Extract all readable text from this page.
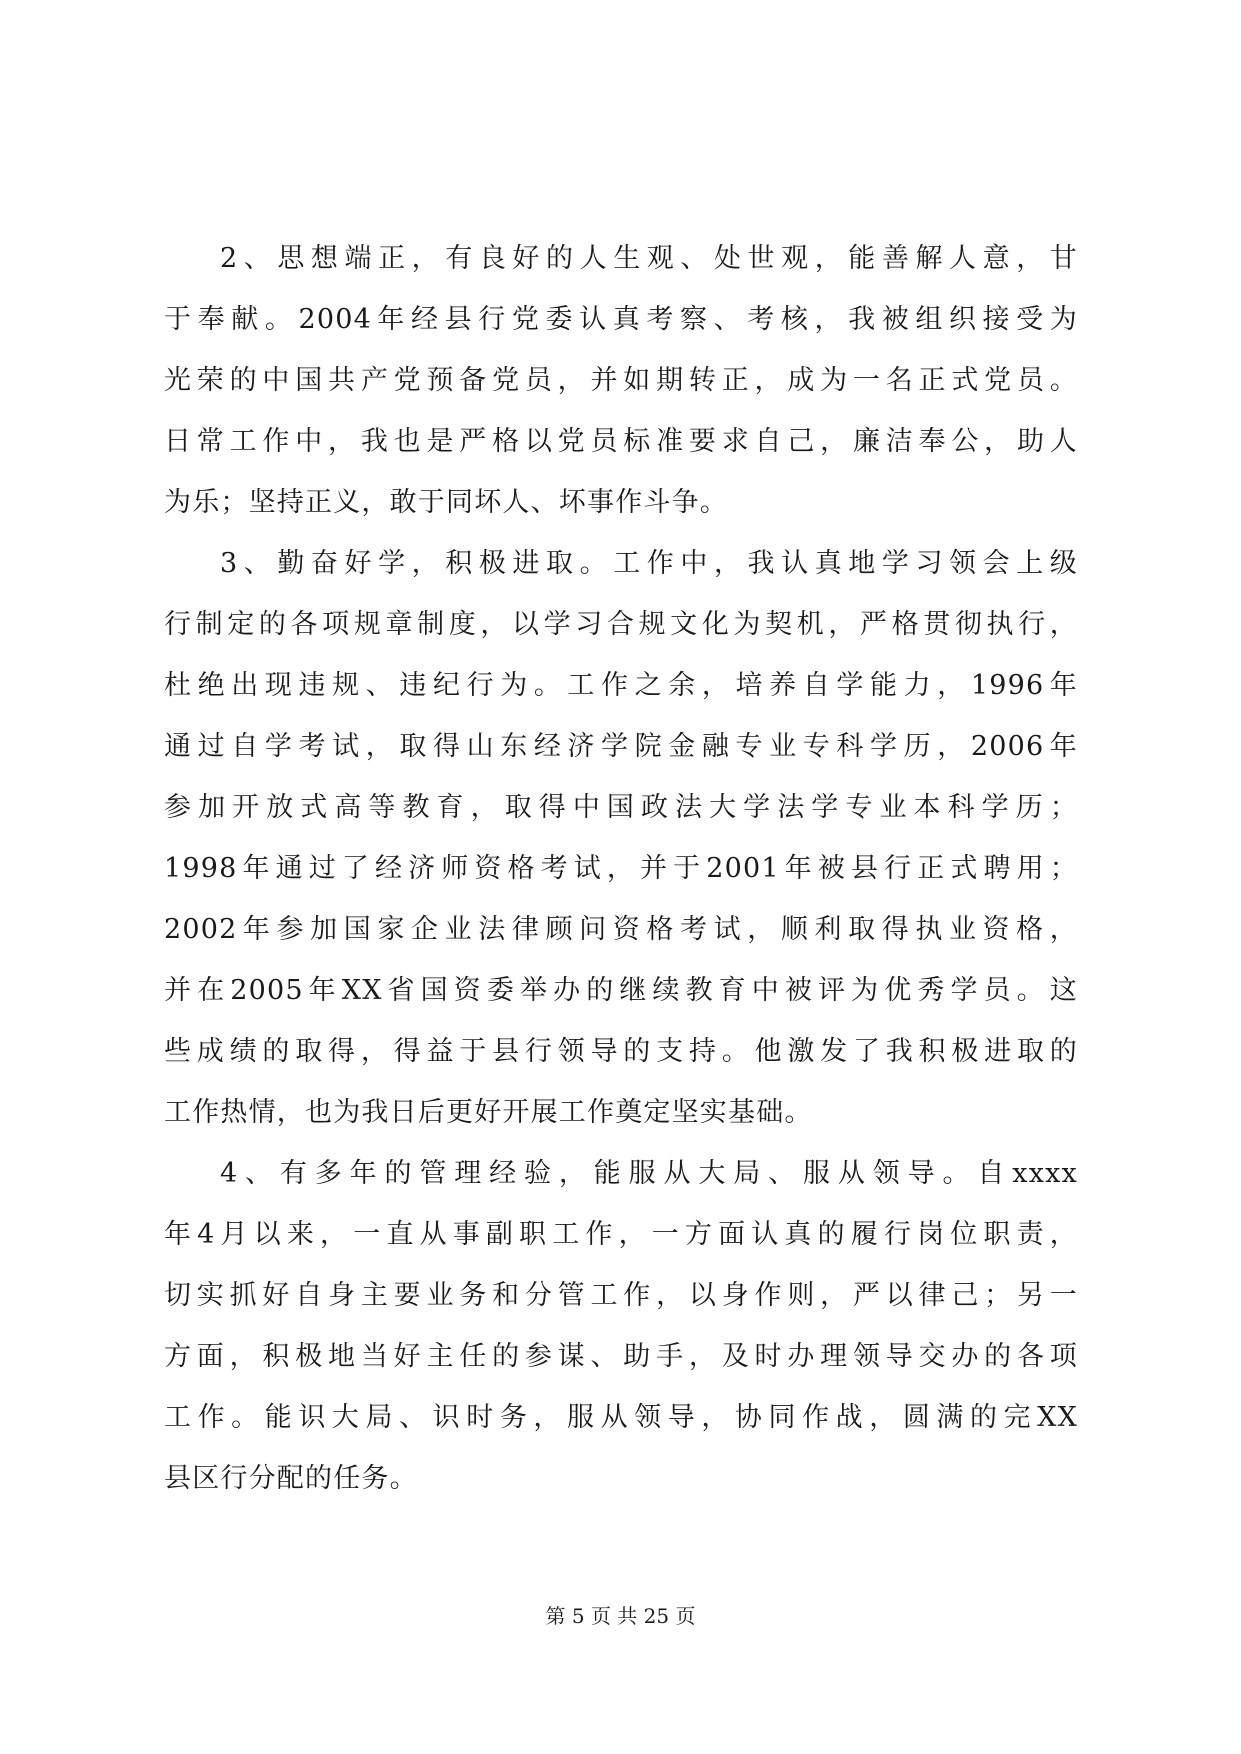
2、思想端正，有良好的人生观、处世观，能善解人意，甘
于奉献。2004年经县行党委认真考察、考核，我被组织接受为
光荣的中国共产党预备党员，并如期转正，成为一名正式党员。
日常工作中，我也是严格以党员标准要求自己，廉洁奉公，助人
为乐；坚持正义，敢于同坏人、坏事作斗争。
3、勤奋好学，积极进取。工作中，我认真地学习领会上级
行制定的各项规章制度，以学习合规文化为契机，严格贯彻执行，
杜绝出现违规、违纪行为。工作之余，培养自学能力，1996年
通过自学考试，取得山东经济学院金融专业专科学历，2006年
参加开放式高等教育，取得中国政法大学法学专业本科学历；
1998年通过了经济师资格考试，并于2001年被县行正式聘用；
2002年参加国家企业法律顾问资格考试，顺利取得执业资格，
并在2005年XX省国资委举办的继续教育中被评为优秀学员。这
些成绩的取得，得益于县行领导的支持。他激发了我积极进取的
工作热情，也为我日后更好开展工作奠定坚实基础。
4、有多年的管理经验，能服从大局、服从领导。自xxxx
年4月以来，一直从事副职工作，一方面认真的履行岗位职责，
切实抓好自身主要业务和分管工作，以身作则，严以律己；另一
方面，积极地当好主任的参谋、助手，及时办理领导交办的各项
工作。能识大局、识时务，服从领导，协同作战，圆满的完XX
县区行分配的任务。
第 5 页 共 25 页
